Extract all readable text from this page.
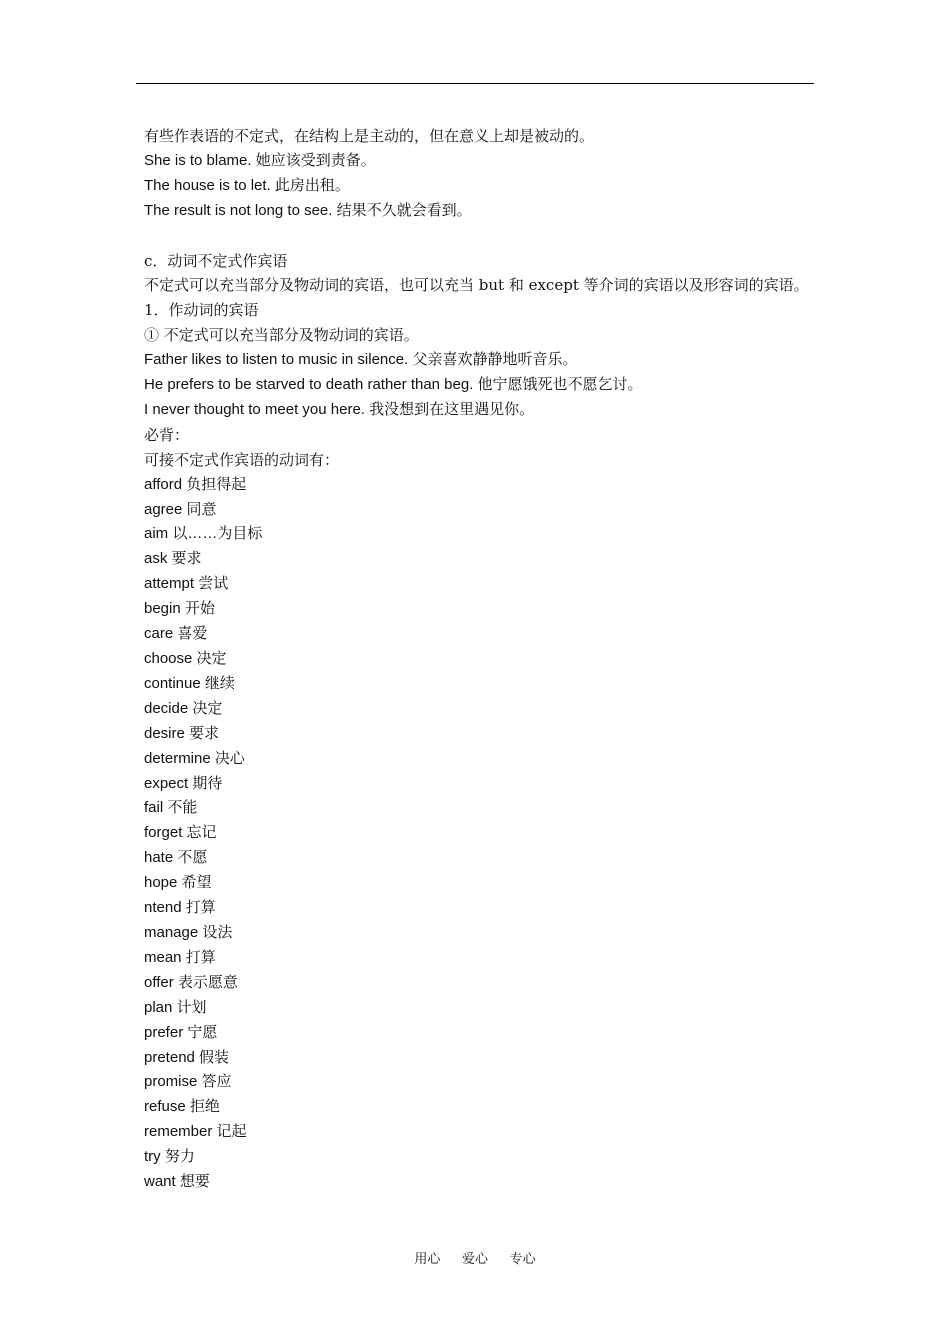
有些作表语的不定式，在结构上是主动的，但在意义上却是被动的。
She is to blame. 她应该受到责备。
The house is to let. 此房出租。
The result is not long to see. 结果不久就会看到。
c．动词不定式作宾语
不定式可以充当部分及物动词的宾语，也可以充当 but 和 except 等介词的宾语以及形容词的宾语。
1．作动词的宾语
① 不定式可以充当部分及物动词的宾语。
Father likes to listen to music in silence. 父亲喜欢静静地听音乐。
He prefers to be starved to death rather than beg. 他宁愿饿死也不愿乞讨。
I never thought to meet you here. 我没想到在这里遇见你。
必背：
可接不定式作宾语的动词有：
afford 负担得起
agree 同意
aim 以……为目标
ask 要求
attempt 尝试
begin 开始
care 喜爱
choose 决定
continue 继续
decide 决定
desire 要求
determine 决心
expect 期待
fail 不能
forget 忘记
hate 不愿
hope 希望
ntend 打算
manage 设法
mean 打算
offer 表示愿意
plan 计划
prefer 宁愿
pretend 假装
promise 答应
refuse 拒绝
remember 记起
try 努力
want 想要
用心 爱心 专心
